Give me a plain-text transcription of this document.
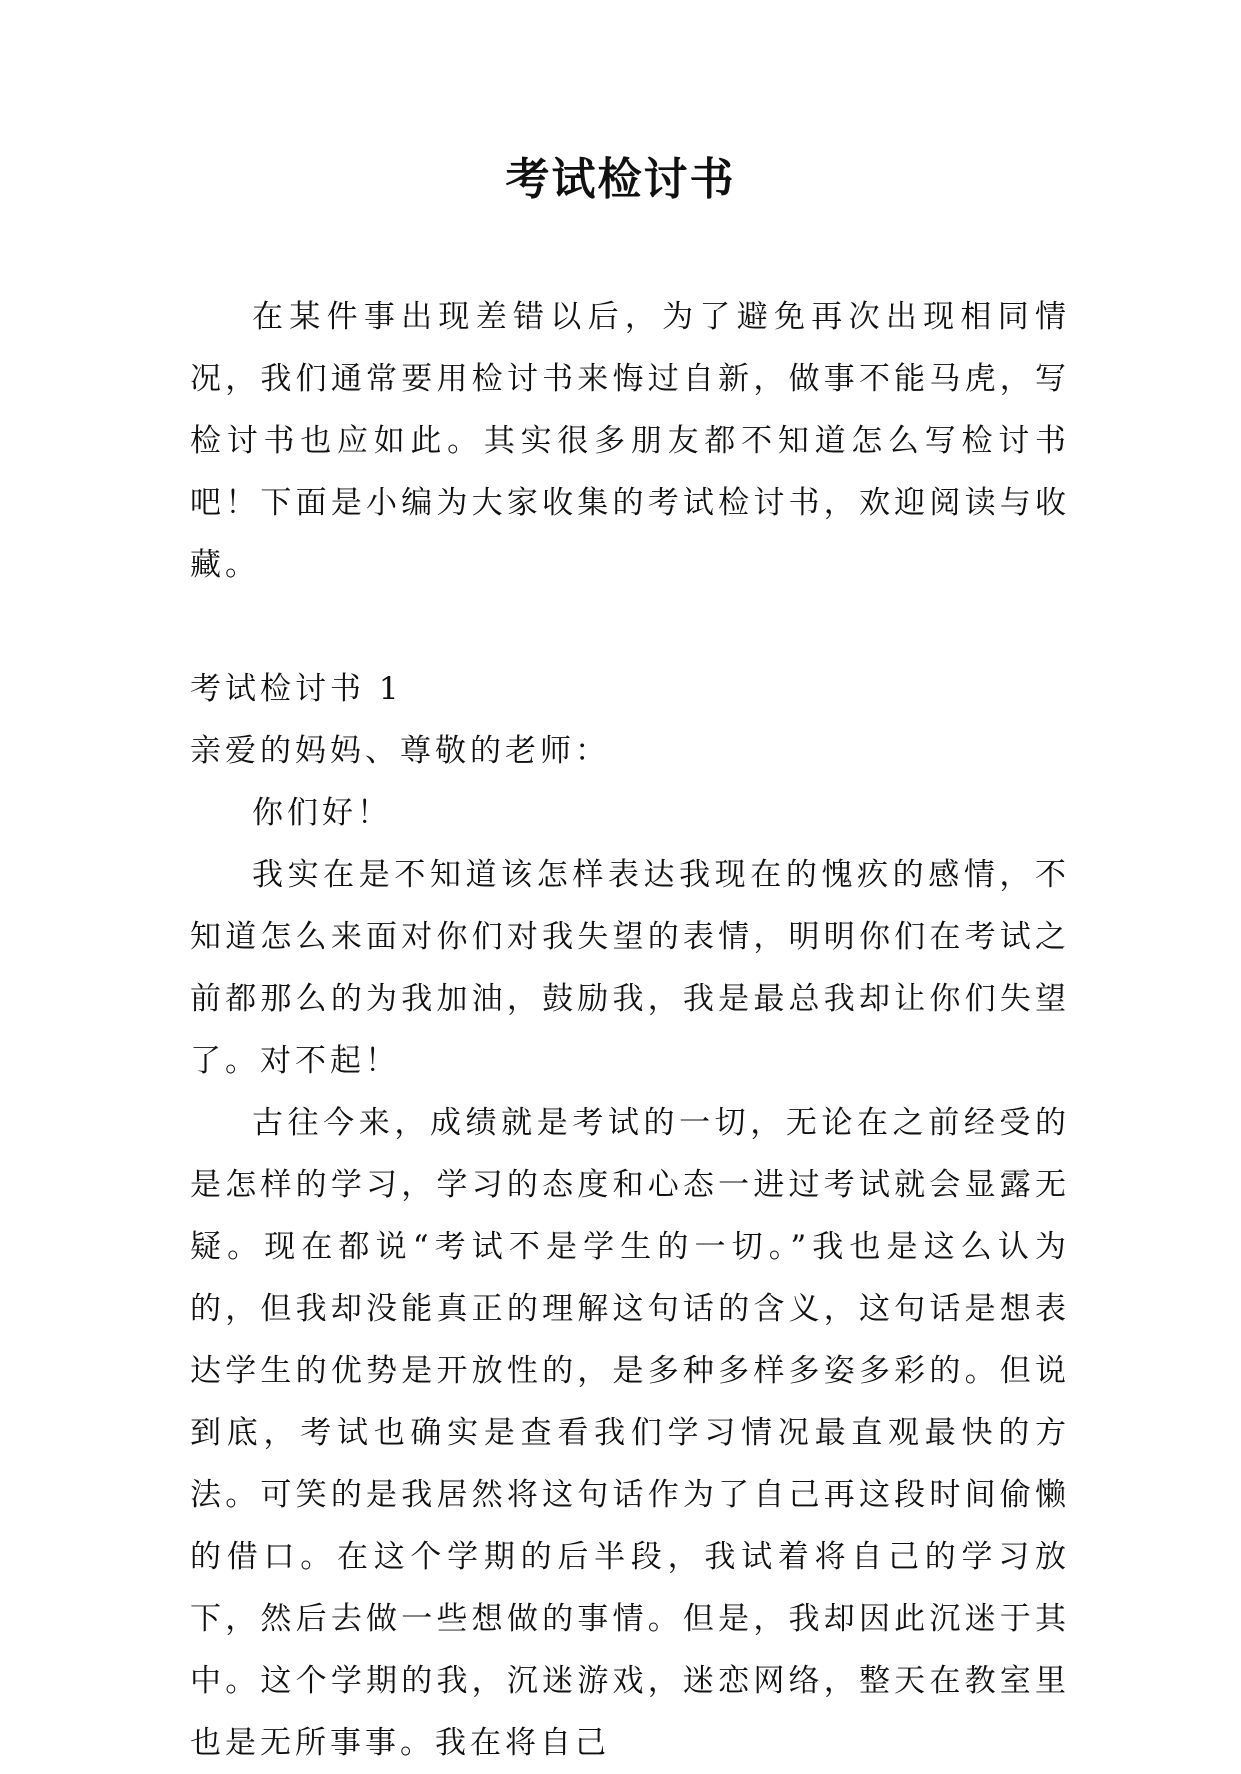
考试检讨书

在某件事出现差错以后，为了避免再次出现相同情况，我们通常要用检讨书来悔过自新，做事不能马虎，写检讨书也应如此。其实很多朋友都不知道怎么写检讨书吧！下面是小编为大家收集的考试检讨书，欢迎阅读与收藏。

考试检讨书 1

亲爱的妈妈、尊敬的老师：

你们好！

我实在是不知道该怎样表达我现在的愧疚的感情，不知道怎么来面对你们对我失望的表情，明明你们在考试之前都那么的为我加油，鼓励我，我是最总我却让你们失望了。对不起！

古往今来，成绩就是考试的一切，无论在之前经受的是怎样的学习，学习的态度和心态一进过考试就会显露无疑。现在都说“考试不是学生的一切。”我也是这么认为的，但我却没能真正的理解这句话的含义，这句话是想表达学生的优势是开放性的，是多种多样多姿多彩的。但说到底，考试也确实是查看我们学习情况最直观最快的方法。可笑的是我居然将这句话作为了自己再这段时间偷懒的借口。在这个学期的后半段，我试着将自己的学习放下，然后去做一些想做的事情。但是，我却因此沉迷于其中。这个学期的我，沉迷游戏，迷恋网络，整天在教室里也是无所事事。我在将自己
